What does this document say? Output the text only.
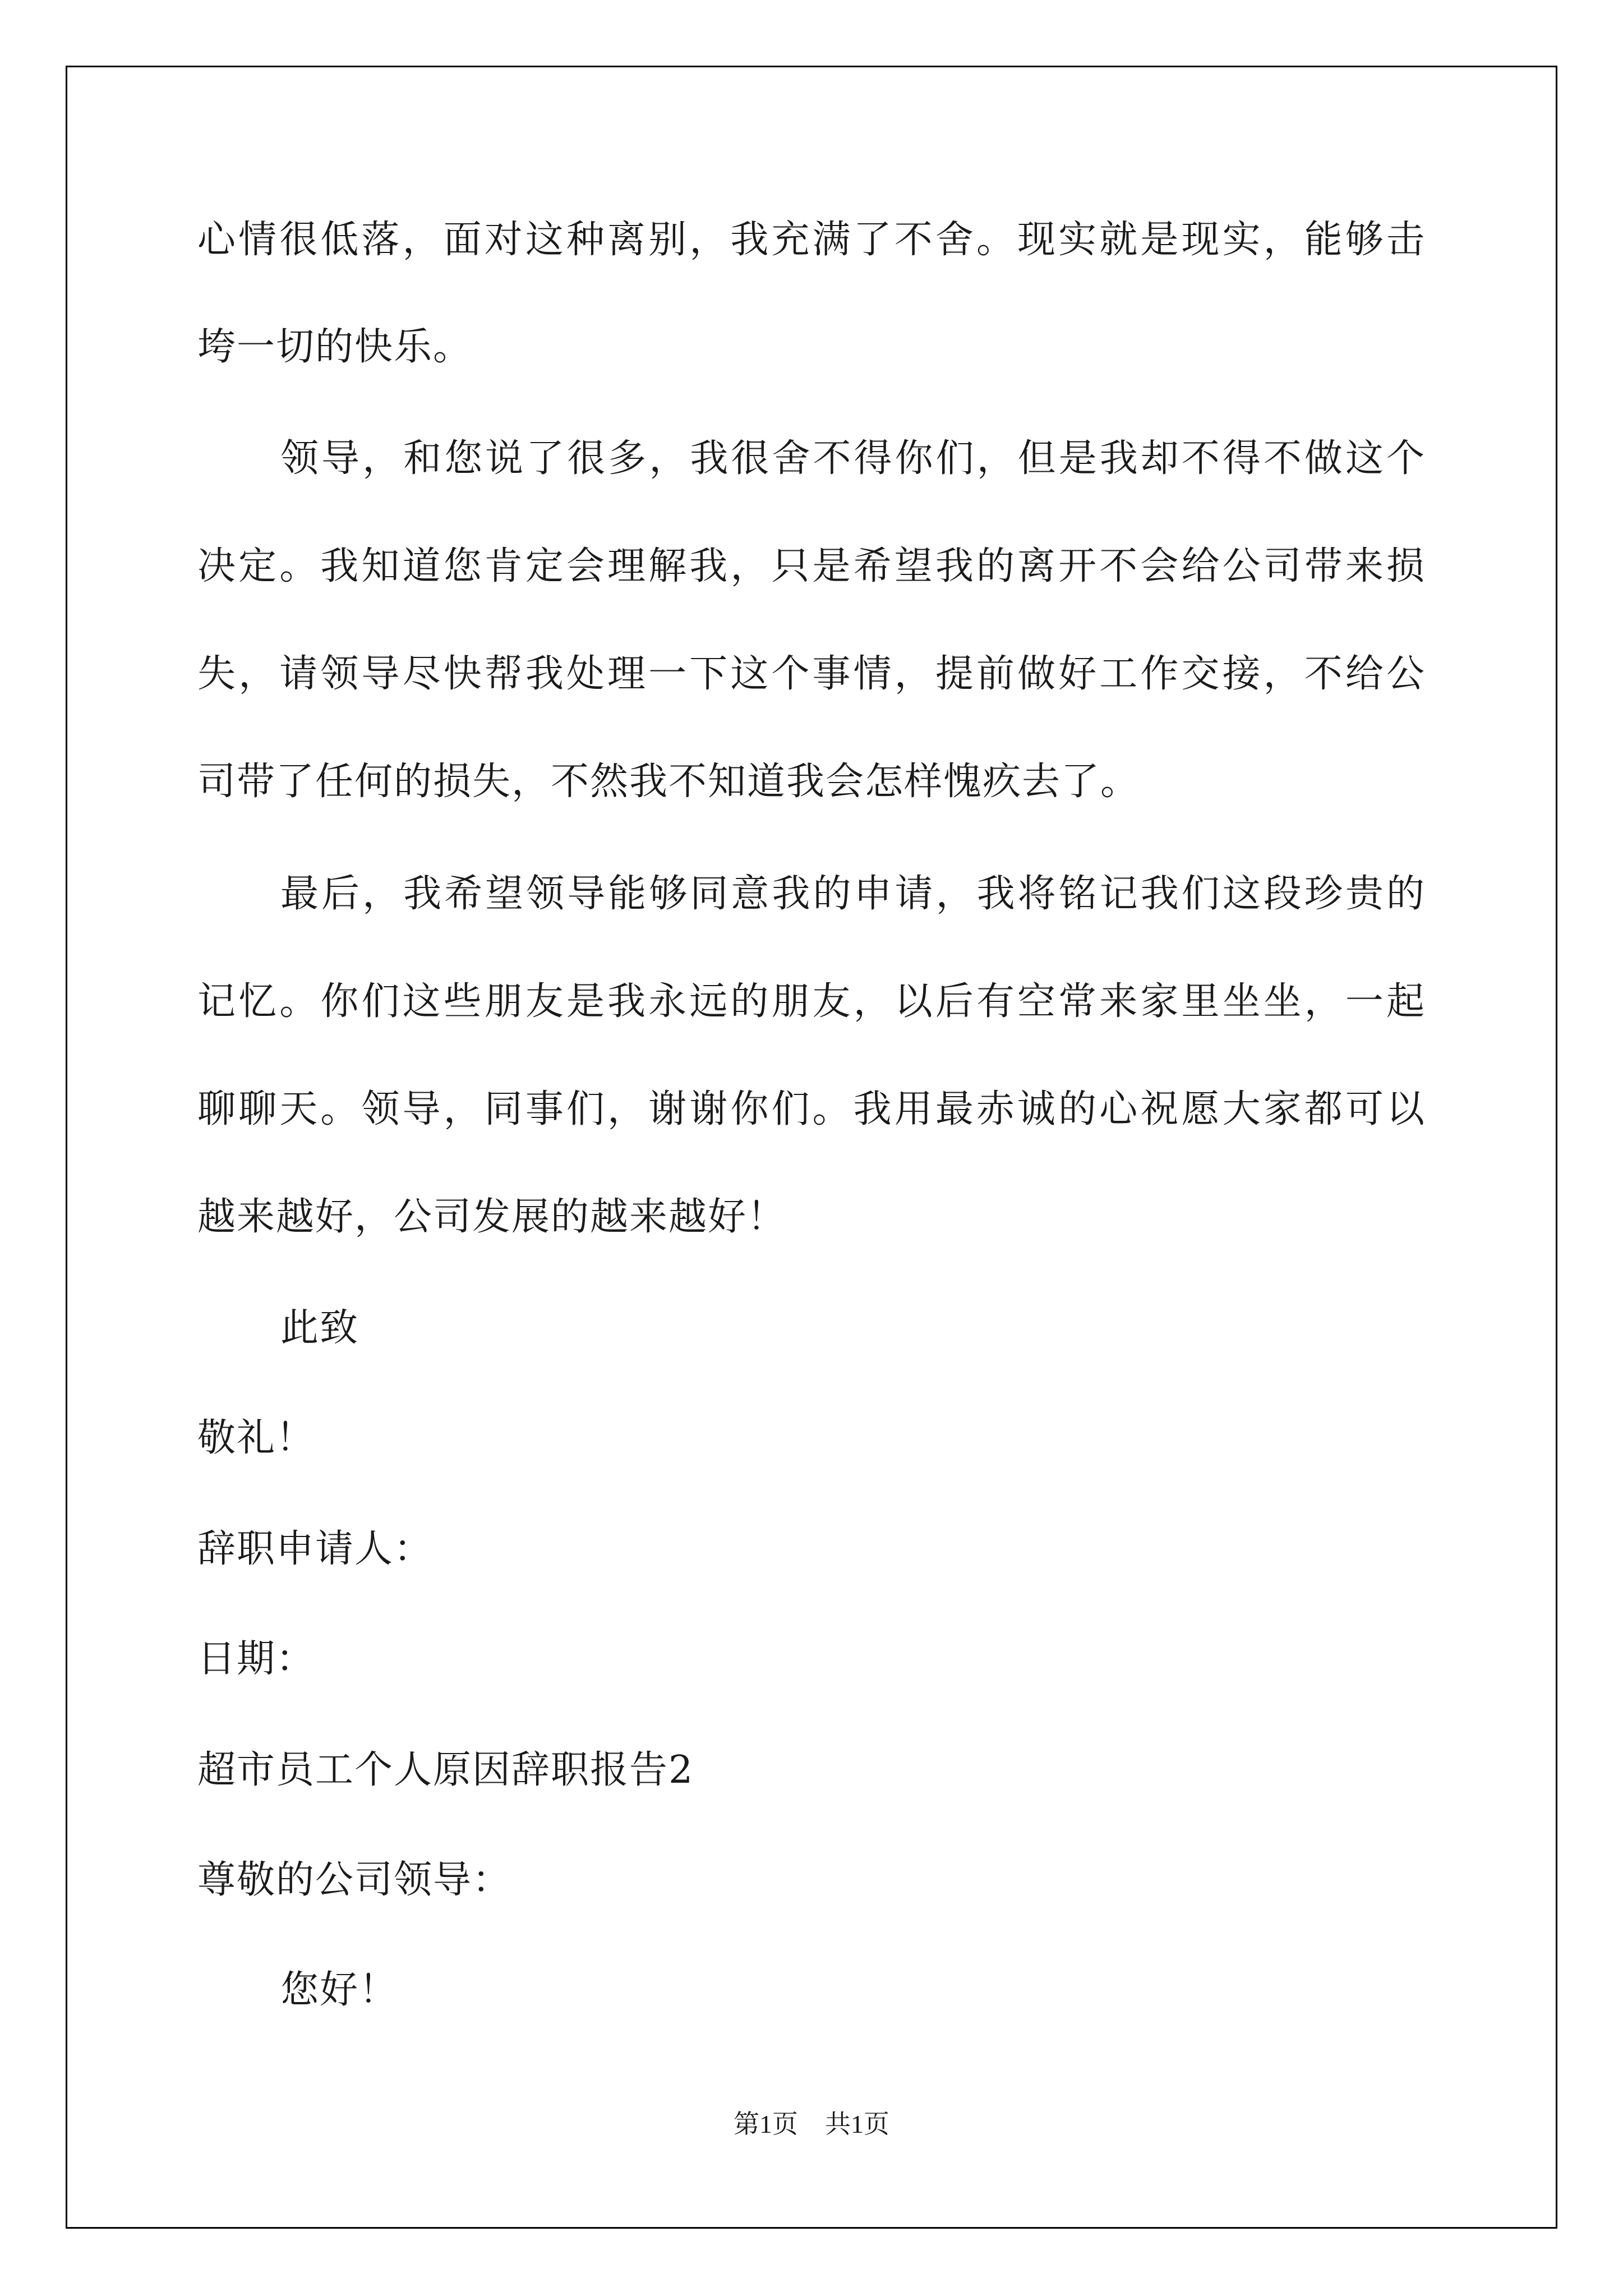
心情很低落，面对这种离别，我充满了不舍。现实就是现实，能够击
垮一切的快乐。
领导，和您说了很多，我很舍不得你们，但是我却不得不做这个
决定。我知道您肯定会理解我，只是希望我的离开不会给公司带来损
失，请领导尽快帮我处理一下这个事情，提前做好工作交接，不给公
司带了任何的损失，不然我不知道我会怎样愧疚去了。
最后，我希望领导能够同意我的申请，我将铭记我们这段珍贵的
记忆。你们这些朋友是我永远的朋友，以后有空常来家里坐坐，一起
聊聊天。领导，同事们，谢谢你们。我用最赤诚的心祝愿大家都可以
越来越好，公司发展的越来越好！
此致
敬礼！
辞职申请人：
日期：
超市员工个人原因辞职报告2
尊敬的公司领导：
您好！
第1页 共1页
